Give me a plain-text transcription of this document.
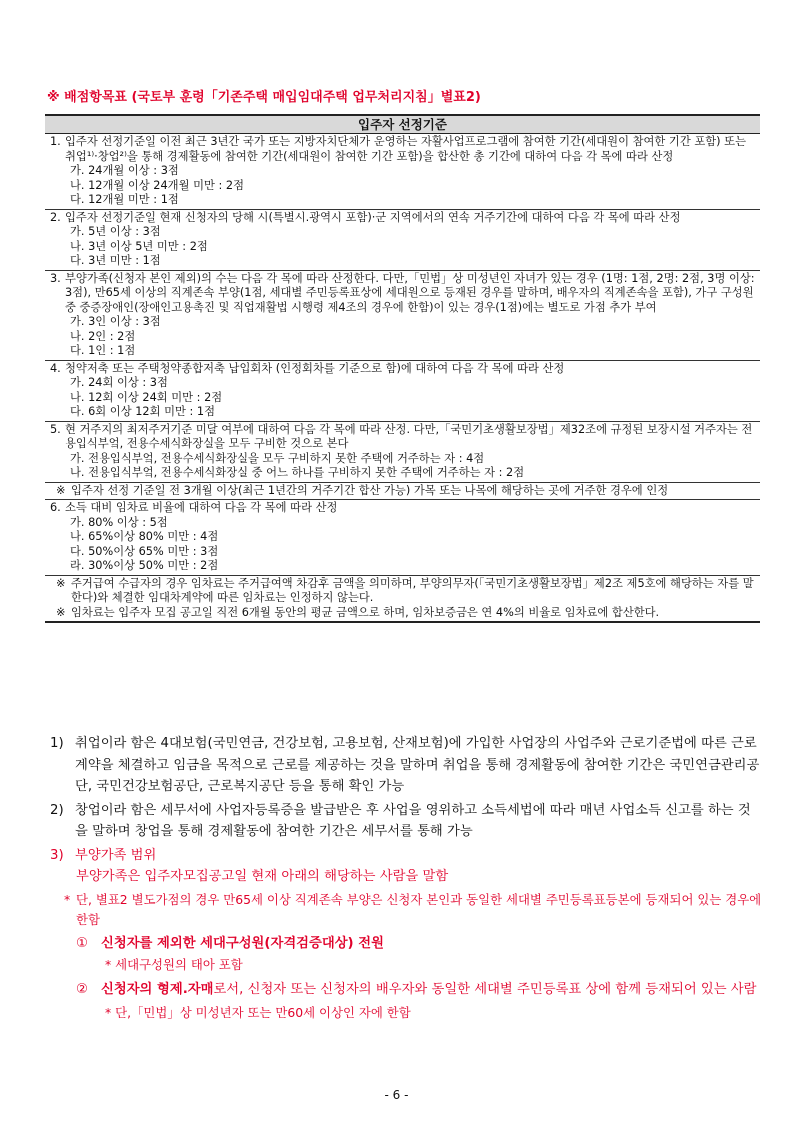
※ 배점항목표 (국토부 훈령「기존주택 매입임대주택 업무처리지침」별표2)
입주자 선정기준
1. 입주자 선정기준일 이전 최근 3년간 국가 또는 지방자치단체가 운영하는 자활사업프로그램에 참여한 기간(세대원이 참여한 기간 포함) 또는 취업¹⁾·창업²⁾을 통해 경제활동에 참여한 기간(세대원이 참여한 기간 포함)을 합산한 총 기간에 대하여 다음 각 목에 따라 산정
가. 24개월 이상 : 3점
나. 12개월 이상 24개월 미만 : 2점
다. 12개월 미만 : 1점
2. 입주자 선정기준일 현재 신청자의 당해 시(특별시.광역시 포함)·군 지역에서의 연속 거주기간에 대하여 다음 각 목에 따라 산정
가. 5년 이상 : 3점
나. 3년 이상 5년 미만 : 2점
다. 3년 미만 : 1점
3. 부양가족(신청자 본인 제외)의 수는 다음 각 목에 따라 산정한다. 다만,「민법」상 미성년인 자녀가 있는 경우 (1명: 1점, 2명: 2점, 3명 이상: 3점), 만65세 이상의 직계존속 부양(1점, 세대별 주민등록표상에 세대원으로 등재된 경우를 말하며, 배우자의 직계존속을 포함), 가구 구성원 중 중증장애인(장애인고용촉진 및 직업재활법 시행령 제4조의 경우에 한함)이 있는 경우(1점)에는 별도로 가점 추가 부여
가. 3인 이상 : 3점
나. 2인 : 2점
다. 1인 : 1점
4. 청약저축 또는 주택청약종합저축 납입회차 (인정회차를 기준으로 함)에 대하여 다음 각 목에 따라 산정
가. 24회 이상 : 3점
나. 12회 이상 24회 미만 : 2점
다. 6회 이상 12회 미만 : 1점
5. 현 거주지의 최저주거기준 미달 여부에 대하여 다음 각 목에 따라 산정. 다만,「국민기초생활보장법」제32조에 규정된 보장시설 거주자는 전용입식부엌, 전용수세식화장실을 모두 구비한 것으로 본다
가. 전용입식부엌, 전용수세식화장실을 모두 구비하지 못한 주택에 거주하는 자 : 4점
나. 전용입식부엌, 전용수세식화장실 중 어느 하나를 구비하지 못한 주택에 거주하는 자 : 2점
※ 입주자 선정 기준일 전 3개월 이상(최근 1년간의 거주기간 합산 가능) 가목 또는 나목에 해당하는 곳에 거주한 경우에 인정
6. 소득 대비 임차료 비율에 대하여 다음 각 목에 따라 산정
가. 80% 이상 : 5점
나. 65%이상 80% 미만 : 4점
다. 50%이상 65% 미만 : 3점
라. 30%이상 50% 미만 : 2점
※ 주거급여 수급자의 경우 임차료는 주거급여액 차감후 금액을 의미하며, 부양의무자(「국민기초생활보장법」제2조 제5호에 해당하는 자를 말한다)와 체결한 임대차계약에 따른 임차료는 인정하지 않는다.
※ 임차료는 입주자 모집 공고일 직전 6개월 동안의 평균 금액으로 하며, 임차보증금은 연 4%의 비율로 임차료에 합산한다.
1) 취업이라 함은 4대보험(국민연금, 건강보험, 고용보험, 산재보험)에 가입한 사업장의 사업주와 근로기준법에 따른 근로계약을 체결하고 임금을 목적으로 근로를 제공하는 것을 말하며 취업을 통해 경제활동에 참여한 기간은 국민연금관리공단, 국민건강보험공단, 근로복지공단 등을 통해 확인 가능
2) 창업이라 함은 세무서에 사업자등록증을 발급받은 후 사업을 영위하고 소득세법에 따라 매년 사업소득 신고를 하는 것을 말하며 창업을 통해 경제활동에 참여한 기간은 세무서를 통해 가능
3) 부양가족 범위
부양가족은 입주자모집공고일 현재 아래의 해당하는 사람을 말함
* 단, 별표2 별도가점의 경우 만65세 이상 직계존속 부양은 신청자 본인과 동일한 세대별 주민등록표등본에 등재되어 있는 경우에 한함
① 신청자를 제외한 세대구성원(자격검증대상) 전원
* 세대구성원의 태아 포함
② 신청자의 형제.자매로서, 신청자 또는 신청자의 배우자와 동일한 세대별 주민등록표 상에 함께 등재되어 있는 사람
* 단,「민법」상 미성년자 또는 만60세 이상인 자에 한함
- 6 -
